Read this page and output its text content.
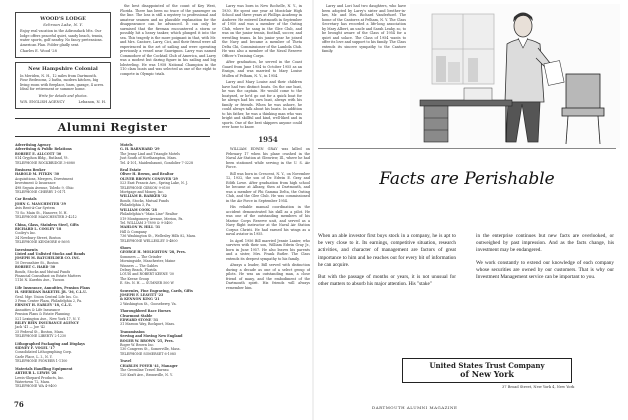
WOOD'S LODGE
Schroon Lake, N. Y.

Enjoy real vacation in the Adirondack Mts. Our lodge offers peaceful quiet, sandy beach, tennis, water sports, golf nearby. No fancy pretensions. American Plan. Folder gladly sent.

Charles E. Wood '28
New Hampshire Colonial

In Meriden, N. H., 12 miles from Dartmouth. Four Bedrooms, 2 baths, modern kitchen, big living room with fireplace, barn, garage, 4 acres. Ideal for retirement or summer home.

Write for details and photos.

W.R. ENGLISH AGENCY	Lebanon, N. H.

the best disappointed of the count of Key West, Florida. There has been no trace of the passenger on the line. The loss is still a mystery to professional and amateur seamen and no plausible explanation for the disappearance can be advanced. It can only be surmised that the fireman encountered a storm or possibly hit a heavy tanker, which plunged it into the sea. This tragedy is the more poignant in that, with Mr. and Mrs. Cantore, Larry, Cici, and their friend were all experienced in the art of sailing and were operating previously a vessel near Sauvignon. Larry was named Commodore of the Cocktail Club of America, and Larry was a modest but daring figure in his sailing and big lobsterling. He was 1958 National Champion in the 110 class boats and was selected as one of the eight to compete in Olympic trials.

Larry was born in New Rochelle, N. Y., in 1930. He spent one year at Montclair High School and three years at Phillips Academy in Andover. He entered Dartmouth in September of 1950 and was a member of the Outing Club, where he sang in the Glee Club, and was on the junior tennis, football, soccer, and wrestling teams. In his junior year he joined the Navy and became a member of Theta Delta Chi, Commissioner of the Lambda Club. He was also a member of the Naval Reserve Officer's Training Corps.

After graduation, he served in the Coast Guard from June 1954 to October 1955 as an Ensign, and was married to Mary Louise Mullen of Pelham, N. Y., in 1954.

Larry and Mary Louise and their children have had two distinct boats. On the one boat, he was the captain. He would come to the boatyard, or he'd go out for a quick boat for he always had his own boat, always with his family or friends. When he was ashore, he could always talk about his boats. In addition to his father, he was a thinking man who was bright and skillful and kind, well-liked and in sports. One of the best skippers anyone could ever hope to know.

Larry and Lori had two daughters, who have been adopted by Larry's sister and brother-in-law, Mr. and Mrs. Richard Vanderhoef. The home of the Cantores at Pelham, N. Y. The Class Secretary has recorded a life-long association by Mary Albert, an uncle and Sarah Leahy, so, to be brought aware of the Class of 1954 for a quiet and solace. The Class of 1954 wants to offer its love and support to his family. The Class extends its sincere sympathy to the Cantore family.

Alumni Register
Advertising Agency
Advertising & Public Relations
ROBERT E. ALLCOTT '30
814 Gryphon Bldg., Rutland, Vt.
TELEPHONE ROCKBRIDGE 3-6080
Business Broker
HAROLD M. FITKIN '30
Acquisitions, Mergers, Divestment
Investment & Insurance
498 Seguin Avenue, Toledo 9, Ohio
TELEPHONE CHERRY 1-0171
Car Rentals
JOHN C. MANCHESTER '39
Avis Rent-A-Car System
75 So. Main St., Hanover, N. H.
TELEPHONE MANCHESTER 3-4212
China, Glass, Stainless Steel, Gifts
RICHARD L. COOLEY '18
Cooley's Inc.
34 Newbury Street, Boston
TELEPHONE KENMORE 6-5695
Investments
Listed and Unlisted Stocks and Bonds
JOSEPH M. BATCHELDER CO. INC.
10 Devonshire St., Boston
ROBERT C. HARD '30
Bonds, Stocks and Mutual Funds
Financial Consultant on Estate Matters
1116 N. Kuerbis Ave., Tucson
Life Insurance, Annuities, Pension Plans
H. SHERIDAN BAKETEL JR. '36, C.L.U.
Genl. Mgr. Union Central Life Ins. Co.
3 Penn Center Plaza, Philadelphia 2, Pa.
ERNEST H. EARLEY '18, C.L.U.
Annuities & Life Insurance
Pension Plans & Estate Planning
521 Lexington Ave., New York 17, N. Y.
RILEY REIN INSURANCE AGENCY
Jack '41 — Joe '42
25 Federal St., Boston, Mass.
TELEPHONE LIBERTY 2-1230
Lithographed Packaging and Displays
SIDNEY F. VOGEL '17
Consolidated Lithographing Corp.
Carle Place, L. I., N. Y.
TELEPHONE PIONEER 1-1100
Materials Handling Equipment
ARTHUR L. LEWIS '28
Lewis-Shepard Products, Inc.
Watertown 72, Mass.
TELEPHONE WA 4-9400
Motels
G. H. BARNHARD '29
The Jenny Lind and Triangle Motels
Just South of Northampton, Mass.
Tel. 4-101, Maidenbaumt, Gondolier 7-3228
Real Estate
Oliver H. Brown, and Realtor
OLIVER BROWN CONOVER '29
523 East Francis Ave., Spring Lake, N. J.
TELEPHONE GIBSON 9-0100
Mortgage and Money, Inc.
WILLIAM B. BARKER '32
Bonds, Stocks, Mutual Funds
Philadelphia 3, Pa.
WILLIAM COOK '28
Philadelphia's "Main Line" Realtor
519 Montgomery Avenue, Merion, Pa.
Tel. WILLIAM 3-7890 & 9-5400
MAHLON W. HILL '31
Hill & Company
736 Washington St., Wellesley Hills 82, Mass.
TELEPHONE WELLESLEY 5-4800
Shoes
GEORGE H. MOLIGHTON '28, Pres.
Sommers — The Grinder
Morningside, Manchester, Maine
Winners — The Gables
Delray Beach, Florida
LOUIS and ROBERT KEENE '30
The Keene Group
E. Sts. N. H. — SUMNER 500 W
Souvenirs, Fine Engraving, Cards, Gifts
JOSEPH F. LEAVITT '23
& KENNON KING '21
2 Washington St., Gooseberry, Va.
Thoroughbred Race Horses
Clearmont Stable
EDWARD STONE '31
31 Maroon Way, Rockport, Mass.
Transmission
Serving and Moving New England
ROGER W. BROWN '25, Pres.
Roger W. Brown Inc.
130 Congress St., Somerville, Mass.
TELEPHONE SOMERSET 6-1085
Travel
CHARLES FOYER '41, Manager
The Greenline Travel Bureau
120 Kraft Ave., Bronxville, N. Y.
1954

WILLIAM EDWIN GRAY was killed on February 17 when his plane crashed in the Naval Air Station at Glenview, Ill., where he had been stationed while serving in the U. S. Air Force.

Bill was born in Crescent, N. Y., on November 12, 1932, the son of Dr. Edwin E. Gray and Edith Lowe. After graduation from high school he became at Albany, then at Dartmouth, and was a member of Phi Gamma Delta, the Outing Club, and the Glee Club. He was commissioned in the Air Force in September 1954.

His reliable manual coordination in the accident demonstrated his skill as a pilot. He was one of the outstanding members of his Marine Corps Reserve unit, and served as a Navy flight instructor at the Naval Air Station Corpus Christi. He had earned his wings as a naval aviator in 1955.

In April 1956 Bill married Jennie Lanier, who survives with their son, William Edwin Gray Jr., born in June 1957. He also leaves his parents and a sister, Mrs. Frank Butler. The Class extends its deepest sympathy to his family.

Always a leader, Bill served with distinction during a decade as one of a select group of pilots. He was an outstanding man, a close friend of many, and the embodiment of the Dartmouth spirit. His friends will always remember him.

Facts are Perishable

When an able investor first buys stock in a company, he is apt to be very close to it. Its earnings, competitive situation, research activities, and character of management are factors of great importance to him and he reaches out for every bit of information he can acquire.

But with the passage of months or years, it is not unusual for other matters to absorb his major attention. His "stake"

in the enterprise continues but new facts are overlooked, or outweighed by past impression. And as the facts change, his investment may be endangered.

We work constantly to extend our knowledge of each company whose securities are owned by our customers. That is why our Investment Management service can be important to you.

United States Trust Company
of New York
37 Broad Street, New York 4, New York
76	DARTMOUTH ALUMNI MAGAZINE
